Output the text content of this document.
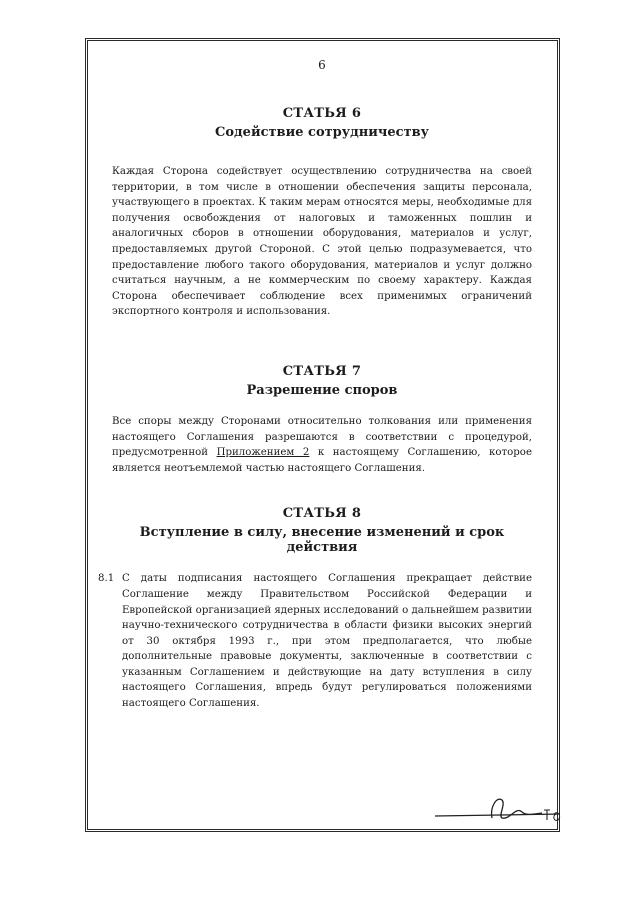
6
СТАТЬЯ 6
Содействие сотрудничеству

Каждая Сторона содействует осуществлению сотрудничества на своей территории, в том числе в отношении обеспечения защиты персонала, участвующего в проектах. К таким мерам относятся меры, необходимые для получения освобождения от налоговых и таможенных пошлин и аналогичных сборов в отношении оборудования, материалов и услуг, предоставляемых другой Стороной. С этой целью подразумевается, что предоставление любого такого оборудования, материалов и услуг должно считаться научным, а не коммерческим по своему характеру. Каждая Сторона обеспечивает соблюдение всех применимых ограничений экспортного контроля и использования.

СТАТЬЯ 7
Разрешение споров

Все споры между Сторонами относительно толкования или применения настоящего Соглашения разрешаются в соответствии с процедурой, предусмотренной Приложением 2 к настоящему Соглашению, которое является неотъемлемой частью настоящего Соглашения.

СТАТЬЯ 8
Вступление в силу, внесение изменений и срок действия
8.1 С даты подписания настоящего Соглашения прекращает действие Соглашение между Правительством Российской Федерации и Европейской организацией ядерных исследований о дальнейшем развитии научно-технического сотрудничества в области физики высоких энергий от 30 октября 1993 г., при этом предполагается, что любые дополнительные правовые документы, заключенные в соответствии с указанным Соглашением и действующие на дату вступления в силу настоящего Соглашения, впредь будут регулироваться положениями настоящего Соглашения.
